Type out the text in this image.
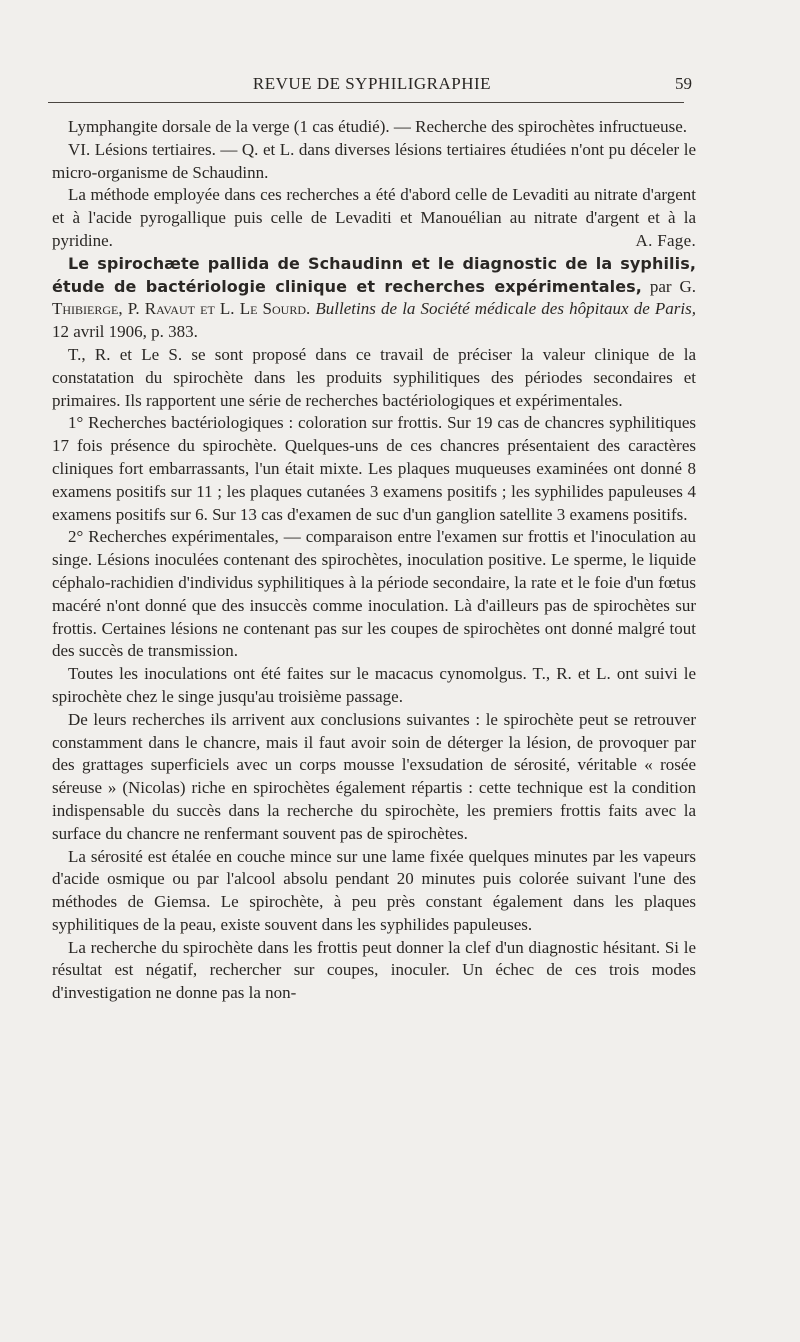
REVUE DE SYPHILIGRAPHIE	59

Lymphangite dorsale de la verge (1 cas étudié). — Recherche des spirochètes infructueuse.

VI. Lésions tertiaires. — Q. et L. dans diverses lésions tertiaires étudiées n'ont pu déceler le micro-organisme de Schaudinn.

La méthode employée dans ces recherches a été d'abord celle de Levaditi au nitrate d'argent et à l'acide pyrogallique puis celle de Levaditi et Manouélian au nitrate d'argent et à la pyridine.	A. Fage.

Le spirochæte pallida de Schaudinn et le diagnostic de la syphilis, étude de bactériologie clinique et recherches expérimentales, par G. Thibierge, P. Ravaut et L. Le Sourd. Bulletins de la Société médicale des hôpitaux de Paris, 12 avril 1906, p. 383.

T., R. et Le S. se sont proposé dans ce travail de préciser la valeur clinique de la constatation du spirochète dans les produits syphilitiques des périodes secondaires et primaires. Ils rapportent une série de recherches bactériologiques et expérimentales.

1° Recherches bactériologiques : coloration sur frottis. Sur 19 cas de chancres syphilitiques 17 fois présence du spirochète. Quelques-uns de ces chancres présentaient des caractères cliniques fort embarrassants, l'un était mixte. Les plaques muqueuses examinées ont donné 8 examens positifs sur 11 ; les plaques cutanées 3 examens positifs ; les syphilides papuleuses 4 examens positifs sur 6. Sur 13 cas d'examen de suc d'un ganglion satellite 3 examens positifs.

2° Recherches expérimentales, — comparaison entre l'examen sur frottis et l'inoculation au singe. Lésions inoculées contenant des spirochètes, inoculation positive. Le sperme, le liquide céphalo-rachidien d'individus syphilitiques à la période secondaire, la rate et le foie d'un fœtus macéré n'ont donné que des insuccès comme inoculation. Là d'ailleurs pas de spirochètes sur frottis. Certaines lésions ne contenant pas sur les coupes de spirochètes ont donné malgré tout des succès de transmission.

Toutes les inoculations ont été faites sur le macacus cynomolgus. T., R. et L. ont suivi le spirochète chez le singe jusqu'au troisième passage.

De leurs recherches ils arrivent aux conclusions suivantes : le spirochète peut se retrouver constamment dans le chancre, mais il faut avoir soin de déterger la lésion, de provoquer par des grattages superficiels avec un corps mousse l'exsudation de sérosité, véritable « rosée séreuse » (Nicolas) riche en spirochètes également répartis : cette technique est la condition indispensable du succès dans la recherche du spirochète, les premiers frottis faits avec la surface du chancre ne renfermant souvent pas de spirochètes.

La sérosité est étalée en couche mince sur une lame fixée quelques minutes par les vapeurs d'acide osmique ou par l'alcool absolu pendant 20 minutes puis colorée suivant l'une des méthodes de Giemsa. Le spirochète, à peu près constant également dans les plaques syphilitiques de la peau, existe souvent dans les syphilides papuleuses.

La recherche du spirochète dans les frottis peut donner la clef d'un diagnostic hésitant. Si le résultat est négatif, rechercher sur coupes, inoculer. Un échec de ces trois modes d'investigation ne donne pas la non-
